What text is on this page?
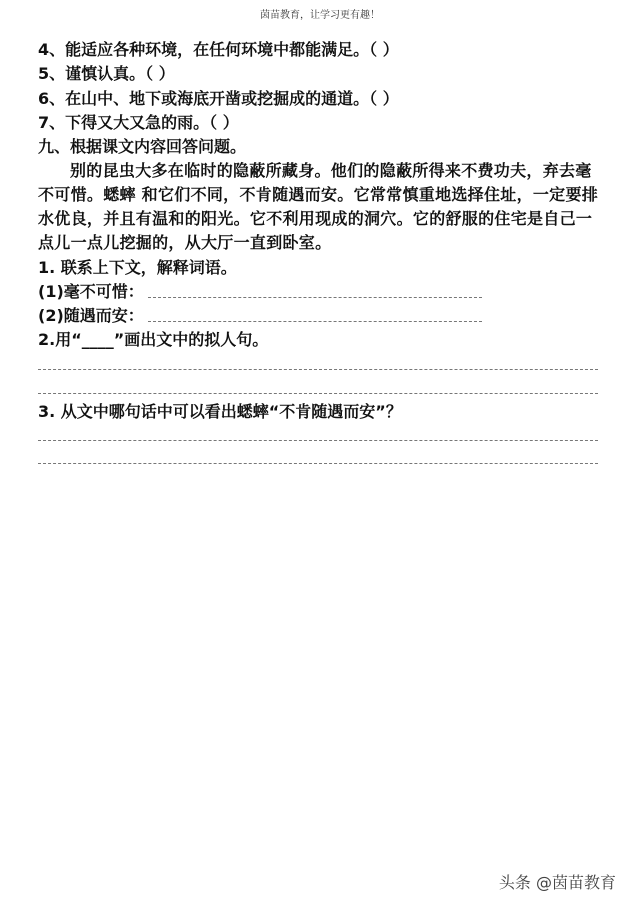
茵苗教育，让学习更有趣！
4、能适应各种环境，在任何环境中都能满足。（ ）
5、谨慎认真。（ ）
6、在山中、地下或海底开凿或挖掘成的通道。（ ）
7、下得又大又急的雨。（ ）
九、根据课文内容回答问题。
别的昆虫大多在临时的隐蔽所藏身。他们的隐蔽所得来不费功夫，弃去毫不可惜。蟋蟀 和它们不同，不肯随遇而安。它常常慎重地选择住址，一定要排水优良，并且有温和的阳光。它不利用现成的洞穴。它的舒服的住宅是自己一点儿一点儿挖掘的，从大厅一直到卧室。
1. 联系上下文，解释词语。
(1)毫不可惜：
(2)随遇而安：
2.用“____”画出文中的拟人句。
3. 从文中哪句话中可以看出蟋蟀“不肯随遇而安”？
头条 @茵苗教育
